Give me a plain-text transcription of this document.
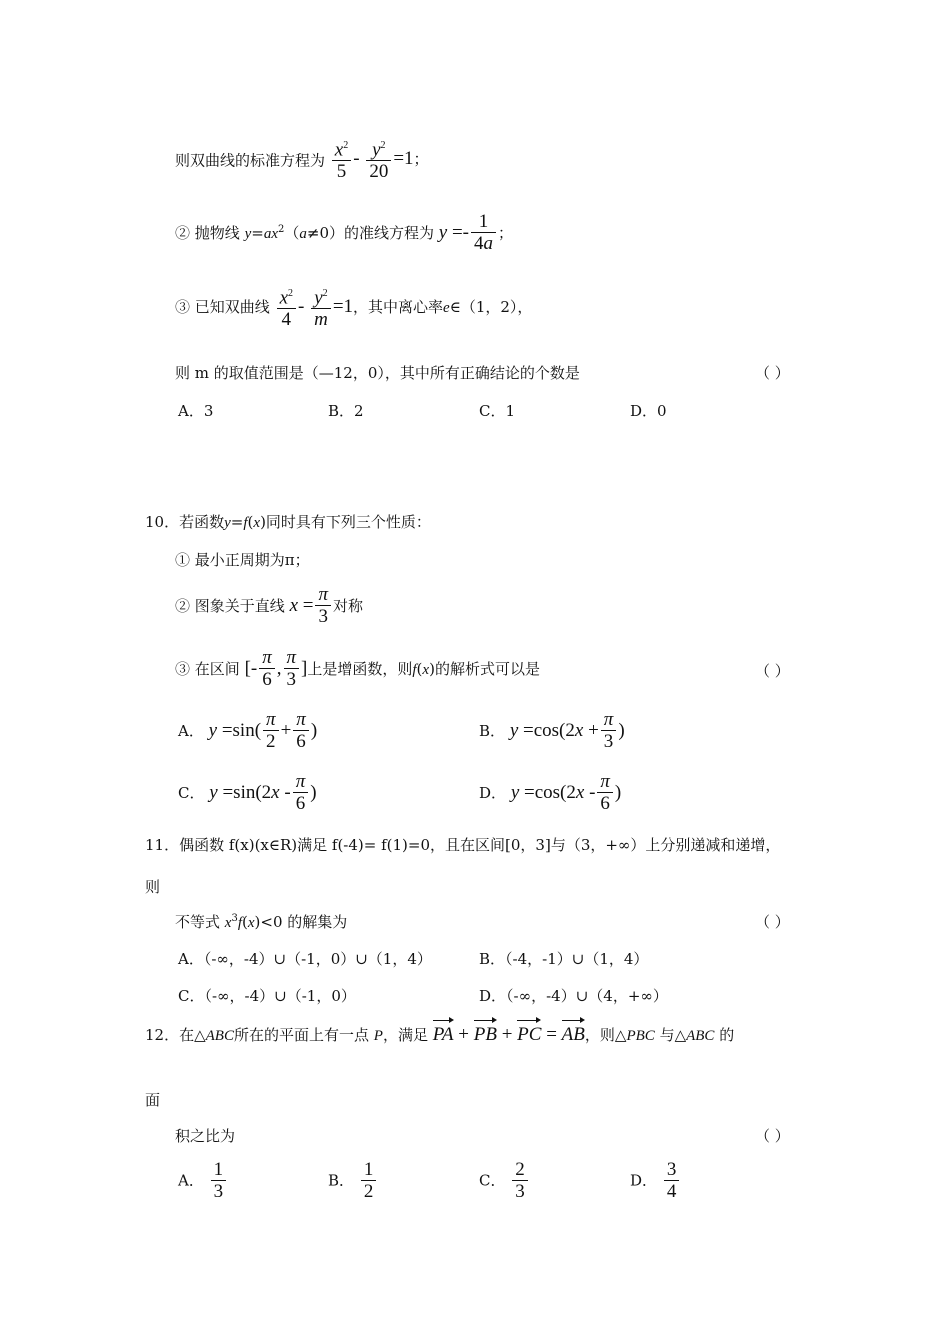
则双曲线的标准方程为 $\frac{x^2}{5} - \frac{y^2}{20} =1$；
② 抛物线 $y=ax^2(a\ne 0)$的准线方程为 $y =- \frac{1}{4a}$ ；
③ 已知双曲线 $\frac{x^2}{4} - \frac{y^2}{m} =1$，其中离心率e∈（1，2），
则 m 的取值范围是（—12，0），其中所有正确结论的个数是	（ ）
A．3	B．2	C．1	D．0
10．若函数y=f(x)同时具有下列三个性质：
① 最小正周期为π；
② 图象关于直线 $x = \frac{\pi}{3}$ 对称
③ 在区间 [- $\frac{\pi}{6}$ , $\frac{\pi}{3}$ ]上是增函数，则f(x)的解析式可以是	（ ）
A． $y =\sin( \frac{\pi}{2} + \frac{\pi}{6}$ )	B． $y =\cos(2x + \frac{\pi}{3}$ )
C． $y =\sin(2x - \frac{\pi}{6}$ )	D． $y =\cos(2x - \frac{\pi}{6}$ )
11．偶函数 f(x)(x∈R)满足 f(-4)= f(1)=0，且在区间[0，3]与（3，+∞）上分别递减和递增，
则
不等式 $x^3f(x)<0$ 的解集为	（ ）
A．（-∞，-4）∪（-1，0）∪（1，4）	B．（-4，-1）∪（1，4）
C．（-∞，-4）∪（-1，0）	D．（-∞，-4）∪（4，+∞）
12．在△ABC所在的平面上有一点 P，满足 PA + PB + PC = AB，则△PBC 与△ABC 的
面
积之比为	（ ）
A． $\frac{1}{3}$	B． $\frac{1}{2}$	C． $\frac{2}{3}$	D． $\frac{3}{4}$
